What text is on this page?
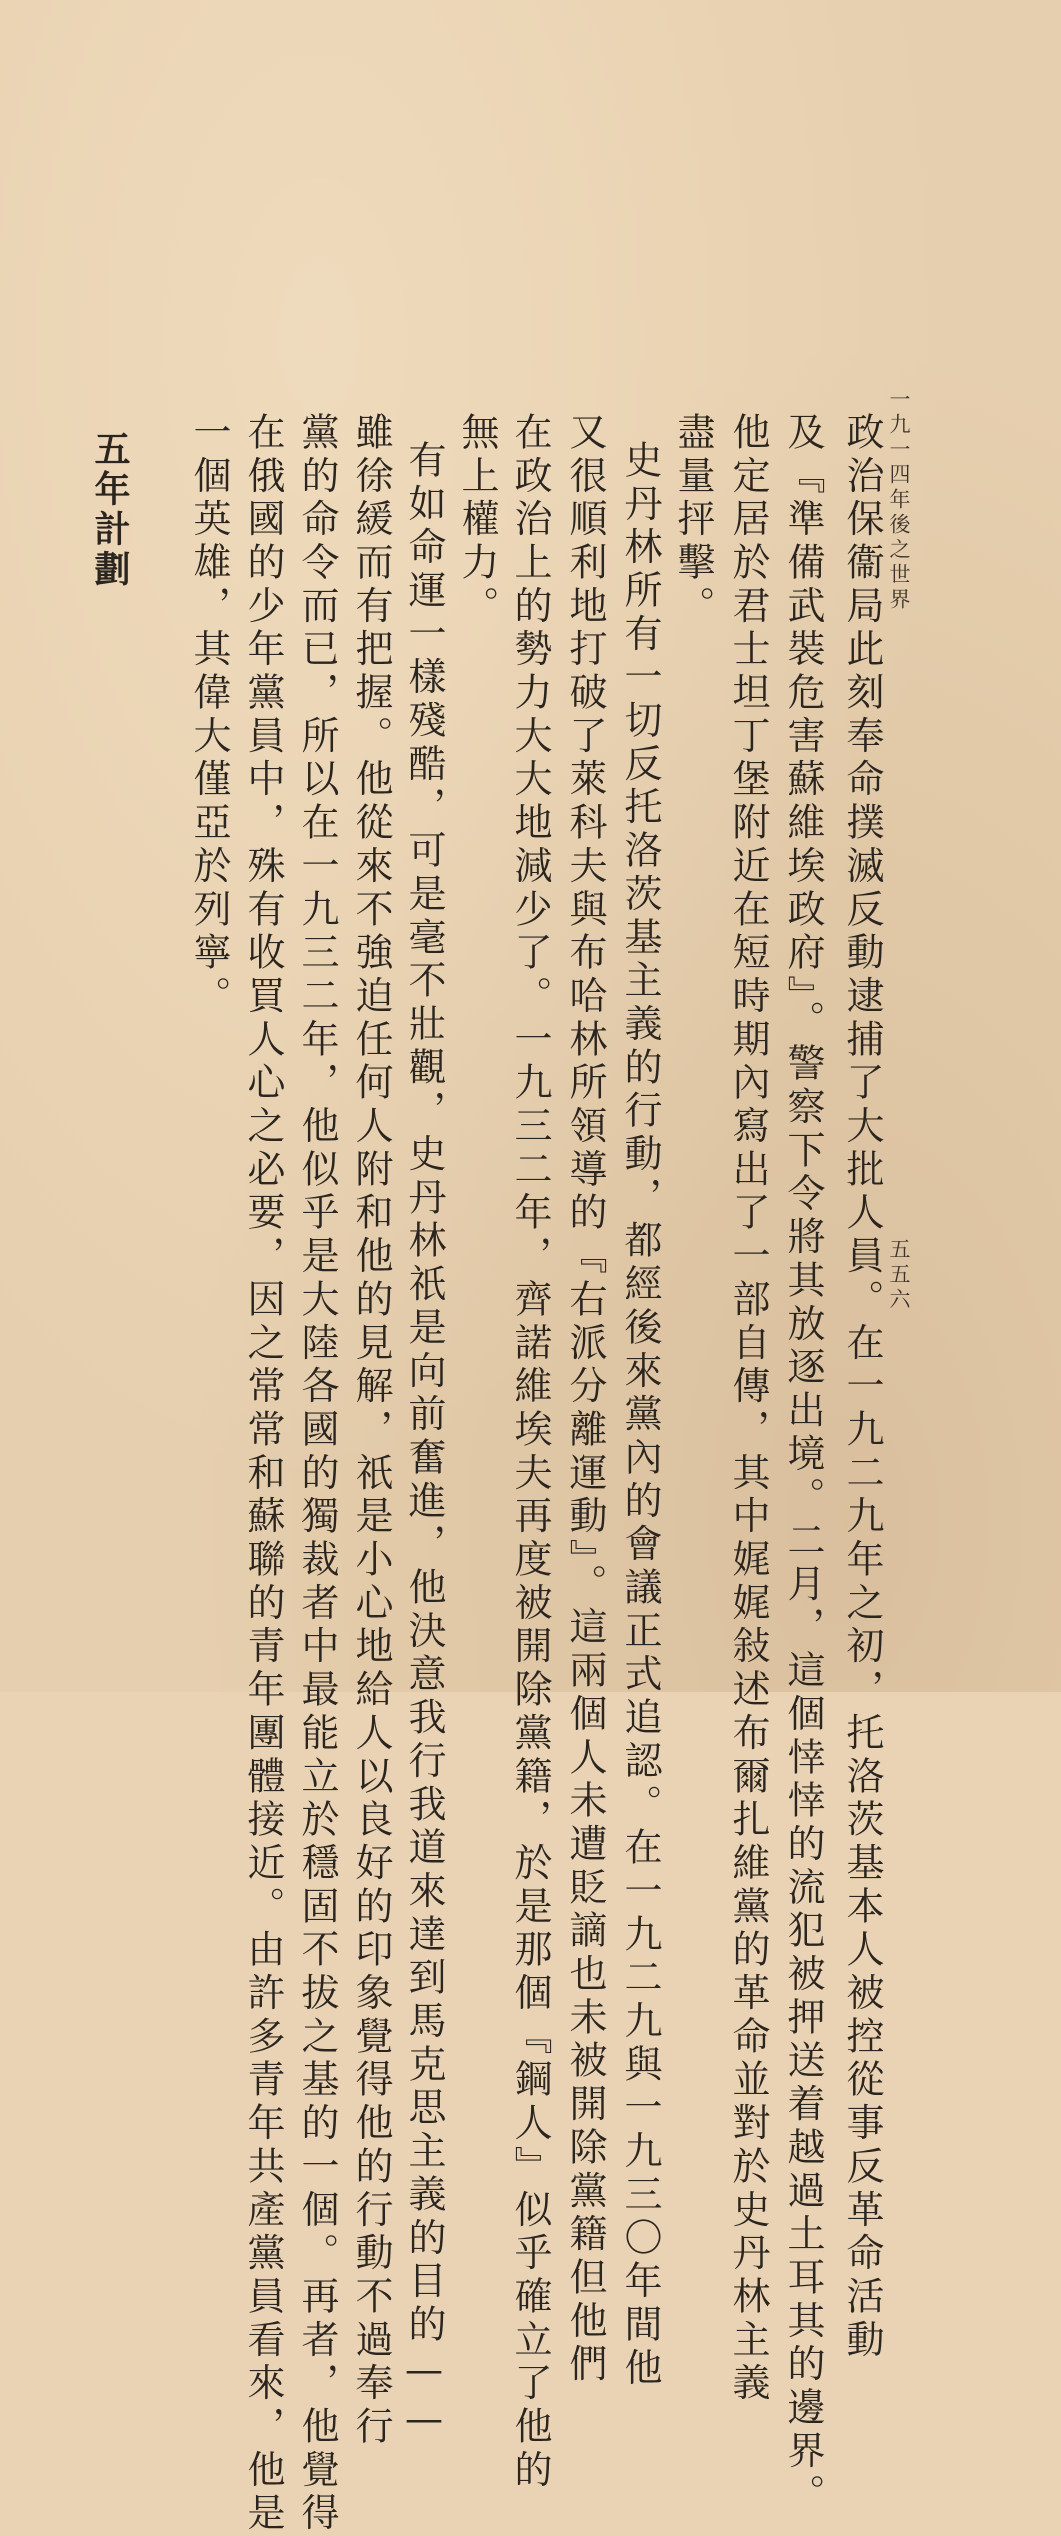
一九一四年後之世界
五五六
政治保衞局此刻奉命撲滅反動逮捕了大批人員。在一九二九年之初，托洛茨基本人被控從事反革命活動
及『準備武裝危害蘇維埃政府』。警察下令將其放逐出境。二月，這個悻悻的流犯被押送着越過土耳其的邊界。
他定居於君士坦丁堡附近在短時期內寫出了一部自傳，其中娓娓敍述布爾扎維黨的革命並對於史丹林主義
盡量抨擊。
史丹林所有一切反托洛茨基主義的行動，都經後來黨內的會議正式追認。在一九二九與一九三〇年間他
又很順利地打破了萊科夫與布哈林所領導的『右派分離運動』。這兩個人未遭貶謫也未被開除黨籍但他們
在政治上的勢力大大地減少了。一九三二年，齊諾維埃夫再度被開除黨籍，於是那個『鋼人』似乎確立了他的
無上權力。
有如命運一樣殘酷，可是毫不壯觀，史丹林祇是向前奮進，他決意我行我道來達到馬克思主義的目的——
雖徐緩而有把握。他從來不強迫任何人附和他的見解，祇是小心地給人以良好的印象覺得他的行動不過奉行
黨的命令而已，所以在一九三二年，他似乎是大陸各國的獨裁者中最能立於穩固不拔之基的一個。再者，他覺得
在俄國的少年黨員中，殊有收買人心之必要，因之常常和蘇聯的青年團體接近。由許多青年共產黨員看來，他是
一個英雄，其偉大僅亞於列寧。
五年計劃
